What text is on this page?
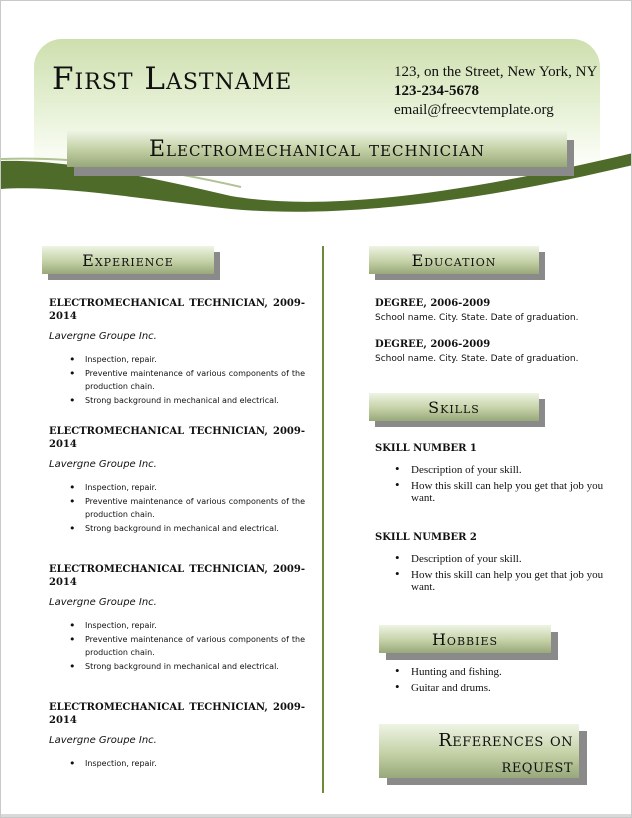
First Lastname	123, on the Street, New York, NY
123-234-5678
email@freecvtemplate.org
Electromechanical technician
Experience	Education
Skills
Hobbies
ELECTROMECHANICAL TECHNICIAN, 2009-2014
Lavergne Groupe Inc.
• Inspection, repair.
• Preventive maintenance of various components of the production chain.
• Strong background in mechanical and electrical.
ELECTROMECHANICAL TECHNICIAN, 2009-2014
Lavergne Groupe Inc.
• Inspection, repair.
• Preventive maintenance of various components of the production chain.
• Strong background in mechanical and electrical.
ELECTROMECHANICAL TECHNICIAN, 2009-2014
Lavergne Groupe Inc.
• Inspection, repair.
• Preventive maintenance of various components of the production chain.
• Strong background in mechanical and electrical.
ELECTROMECHANICAL TECHNICIAN, 2009-2014
Lavergne Groupe Inc.
• Inspection, repair.
DEGREE, 2006-2009
School name. City. State. Date of graduation.
DEGREE, 2006-2009
School name. City. State. Date of graduation.
SKILL NUMBER 1
• Description of your skill.
• How this skill can help you get that job you want.
SKILL NUMBER 2
• Description of your skill.
• How this skill can help you get that job you want.
• Hunting and fishing.
• Guitar and drums.
References on request
